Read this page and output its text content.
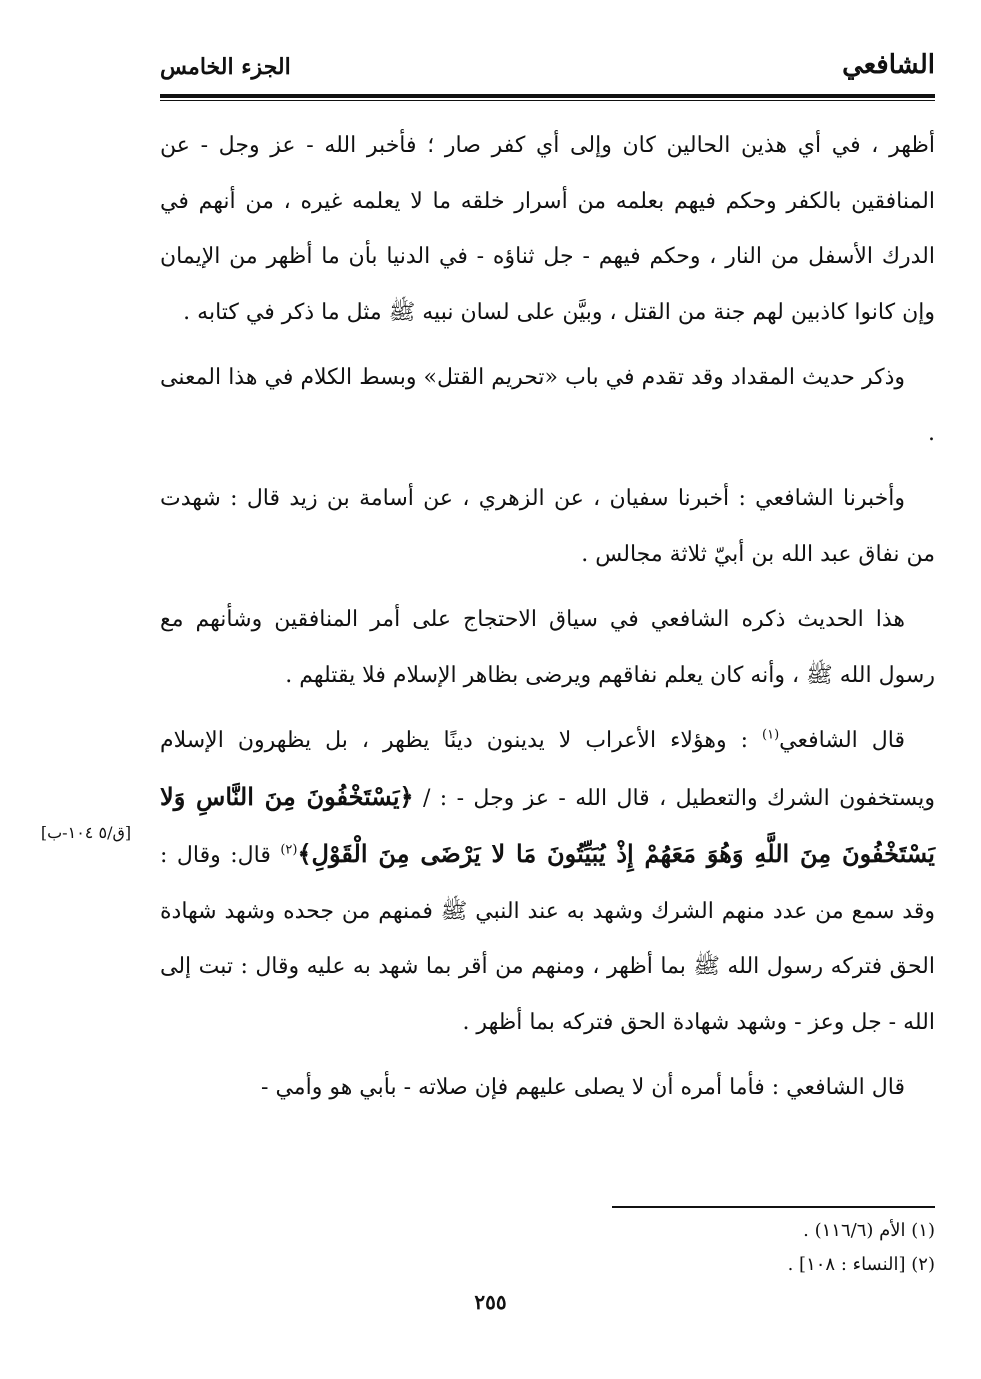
الشافعي
الجزء الخامس

أظهر ، في أي هذين الحالين كان وإلى أي كفر صار ؛ فأخبر الله - عز وجل - عن المنافقين بالكفر وحكم فيهم بعلمه من أسرار خلقه ما لا يعلمه غيره ، من أنهم في الدرك الأسفل من النار ، وحكم فيهم - جل ثناؤه - في الدنيا بأن ما أظهر من الإيمان وإن كانوا كاذبين لهم جنة من القتل ، وبيَّن على لسان نبيه ﷺ مثل ما ذكر في كتابه .

وذكر حديث المقداد وقد تقدم في باب «تحريم القتل» وبسط الكلام في هذا المعنى .

وأخبرنا الشافعي : أخبرنا سفيان ، عن الزهري ، عن أسامة بن زيد قال : شهدت من نفاق عبد الله بن أبيّ ثلاثة مجالس .

هذا الحديث ذكره الشافعي في سياق الاحتجاج على أمر المنافقين وشأنهم مع رسول الله ﷺ ، وأنه كان يعلم نفاقهم ويرضى بظاهر الإسلام فلا يقتلهم .

قال الشافعي$^{(١)}$ : وهؤلاء الأعراب لا يدينون دينًا يظهر ، بل يظهرون الإسلام ويستخفون الشرك والتعطيل ، قال الله - عز وجل - : / ﴿يَسْتَخْفُونَ مِنَ النَّاسِ وَلا يَسْتَخْفُونَ مِنَ اللَّهِ وَهُوَ مَعَهُمْ إِذْ يُبَيِّتُونَ مَا لا يَرْضَى مِنَ الْقَوْلِ﴾$^{(٢)}$ قال: وقال : وقد سمع من عدد منهم الشرك وشهد به عند النبي ﷺ فمنهم من جحده وشهد شهادة الحق فتركه رسول الله ﷺ بما أظهر ، ومنهم من أقر بما شهد به عليه وقال : تبت إلى الله - جل وعز - وشهد شهادة الحق فتركه بما أظهر .

قال الشافعي : فأما أمره أن لا يصلى عليهم فإن صلاته - بأبي هو وأمي -

[ق/٥ ١٠٤-ب]
(١) الأم (١١٦/٦) .
(٢) [النساء : ١٠٨] .
٢٥٥
